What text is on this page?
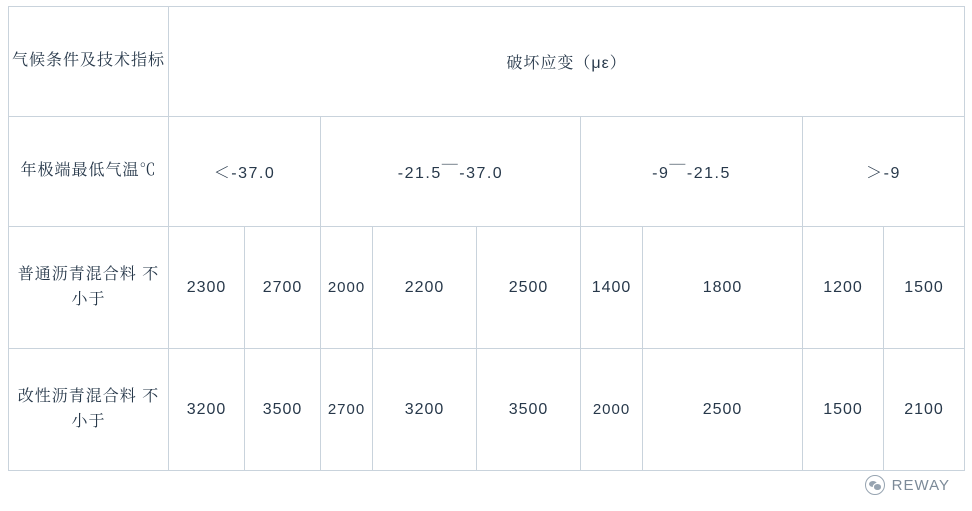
气候条件及技术指标	破坏应变（με）								
年极端最低气温℃	＜-37.0		-21.5￣-37.0			-9￣-21.5		＞-9	
普通沥青混合料 不小于	2300	2700	2000	2200	2500	1400	1800	1200	1500
改性沥青混合料 不小于	3200	3500	2700	3200	3500	2000	2500	1500	2100
REWAY
